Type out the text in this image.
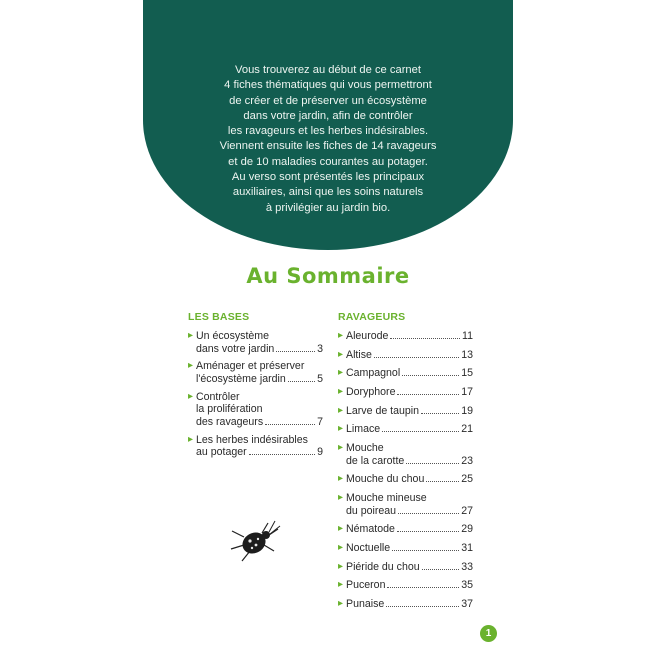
Vous trouverez au début de ce carnet
4 fiches thématiques qui vous permettront
de créer et de préserver un écosystème
dans votre jardin, afin de contrôler
les ravageurs et les herbes indésirables.
Viennent ensuite les fiches de 14 ravageurs
et de 10 maladies courantes au potager.
Au verso sont présentés les principaux
auxiliaires, ainsi que les soins naturels
à privilégier au jardin bio.
Au Sommaire
LES BASES
▸ Un écosystème
dans votre jardin	3
▸ Aménager et préserver
l'écosystème jardin	5
▸ Contrôler
la prolifération
des ravageurs	7
▸ Les herbes indésirables
au potager	9
RAVAGEURS
▸ Aleurode	11
▸ Altise	13
▸ Campagnol	15
▸ Doryphore	17
▸ Larve de taupin	19
▸ Limace	21
▸ Mouche
de la carotte	23
▸ Mouche du chou	25
▸ Mouche mineuse
du poireau	27
▸ Nématode	29
▸ Noctuelle	31
▸ Piéride du chou	33
▸ Puceron	35
▸ Punaise	37
1
